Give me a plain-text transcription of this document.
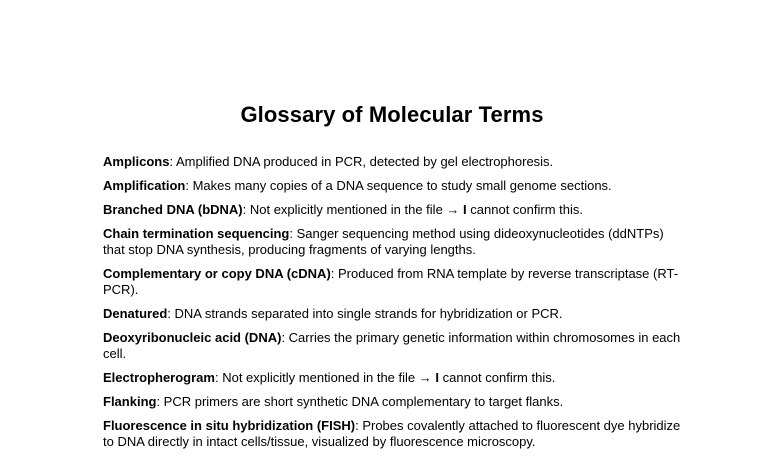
Glossary of Molecular Terms
Amplicons: Amplified DNA produced in PCR, detected by gel electrophoresis.
Amplification: Makes many copies of a DNA sequence to study small genome sections.
Branched DNA (bDNA): Not explicitly mentioned in the file → I cannot confirm this.
Chain termination sequencing: Sanger sequencing method using dideoxynucleotides (ddNTPs) that stop DNA synthesis, producing fragments of varying lengths.
Complementary or copy DNA (cDNA): Produced from RNA template by reverse transcriptase (RT-PCR).
Denatured: DNA strands separated into single strands for hybridization or PCR.
Deoxyribonucleic acid (DNA): Carries the primary genetic information within chromosomes in each cell.
Electropherogram: Not explicitly mentioned in the file → I cannot confirm this.
Flanking: PCR primers are short synthetic DNA complementary to target flanks.
Fluorescence in situ hybridization (FISH): Probes covalently attached to fluorescent dye hybridize to DNA directly in intact cells/tissue, visualized by fluorescence microscopy.
